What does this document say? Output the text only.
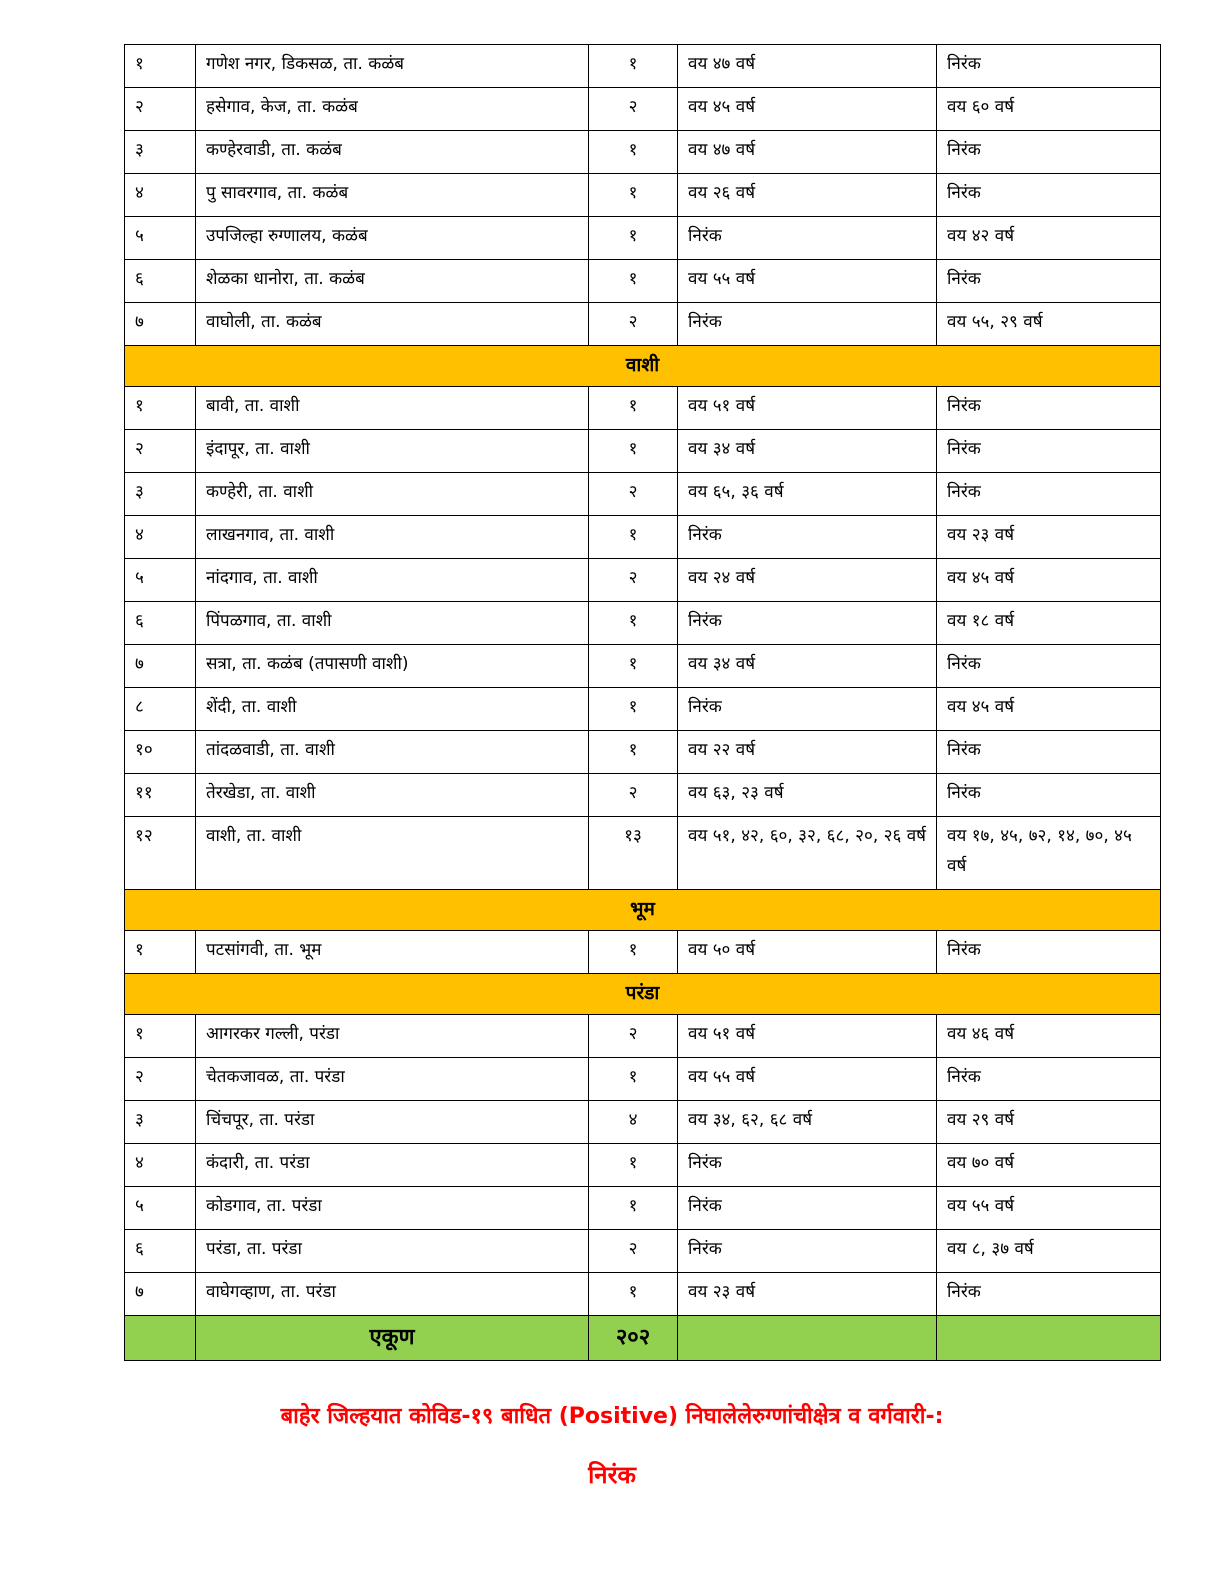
१	गणेश नगर, डिकसळ, ता. कळंब	१	वय ४७ वर्ष	निरंक
२	हसेगाव, केज, ता. कळंब	२	वय ४५ वर्ष	वय ६० वर्ष
३	कण्हेरवाडी, ता. कळंब	१	वय ४७ वर्ष	निरंक
४	पु सावरगाव, ता. कळंब	१	वय २६ वर्ष	निरंक
५	उपजिल्हा रुग्णालय, कळंब	१	निरंक	वय ४२ वर्ष
६	शेळका धानोरा, ता. कळंब	१	वय ५५ वर्ष	निरंक
७	वाघोली, ता. कळंब	२	निरंक	वय ५५, २९ वर्ष
वाशी				
१	बावी, ता. वाशी	१	वय ५१ वर्ष	निरंक
२	इंदापूर, ता. वाशी	१	वय ३४ वर्ष	निरंक
३	कण्हेरी, ता. वाशी	२	वय ६५, ३६ वर्ष	निरंक
४	लाखनगाव, ता. वाशी	१	निरंक	वय २३ वर्ष
५	नांदगाव, ता. वाशी	२	वय २४ वर्ष	वय ४५ वर्ष
६	पिंपळगाव, ता. वाशी	१	निरंक	वय १८ वर्ष
७	सत्रा, ता. कळंब (तपासणी वाशी)	१	वय ३४ वर्ष	निरंक
८	शेंदी, ता. वाशी	१	निरंक	वय ४५ वर्ष
१०	तांदळवाडी, ता. वाशी	१	वय २२ वर्ष	निरंक
११	तेरखेडा, ता. वाशी	२	वय ६३, २३ वर्ष	निरंक
१२	वाशी, ता. वाशी	१३	वय ५१, ४२, ६०, ३२, ६८, २०, २६ वर्ष	वय १७, ४५, ७२, १४, ७०, ४५ वर्ष
भूम				
१	पटसांगवी, ता. भूम	१	वय ५० वर्ष	निरंक
परंडा				
१	आगरकर गल्ली, परंडा	२	वय ५१ वर्ष	वय ४६ वर्ष
२	चेतकजावळ, ता. परंडा	१	वय ५५ वर्ष	निरंक
३	चिंचपूर, ता. परंडा	४	वय ३४, ६२, ६८ वर्ष	वय २९ वर्ष
४	कंदारी, ता. परंडा	१	निरंक	वय ७० वर्ष
५	कोडगाव, ता. परंडा	१	निरंक	वय ५५ वर्ष
६	परंडा, ता. परंडा	२	निरंक	वय ८, ३७ वर्ष
७	वाघेगव्हाण, ता. परंडा	१	वय २३ वर्ष	निरंक
	एकूण	२०२		
बाहेर जिल्हयात कोविड-१९ बाधित (Positive) निघालेलेरुग्णांचीक्षेत्र व वर्गवारी-:
निरंक
